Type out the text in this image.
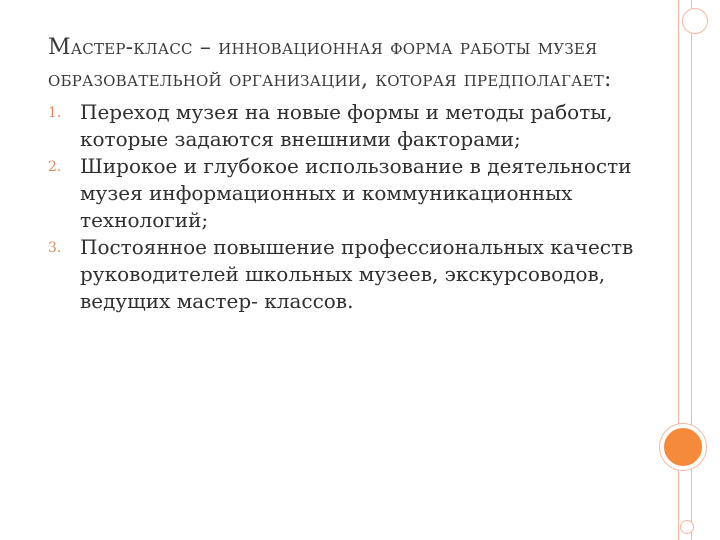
Мастер-класс – инновационная форма работы музея образовательной организации, которая предполагает:
1. Переход музея на новые формы и методы работы, которые задаются внешними факторами;
2. Широкое и глубокое использование в деятельности музея информационных и коммуникационных технологий;
3. Постоянное повышение профессиональных качеств руководителей школьных музеев, экскурсоводов, ведущих мастер- классов.
